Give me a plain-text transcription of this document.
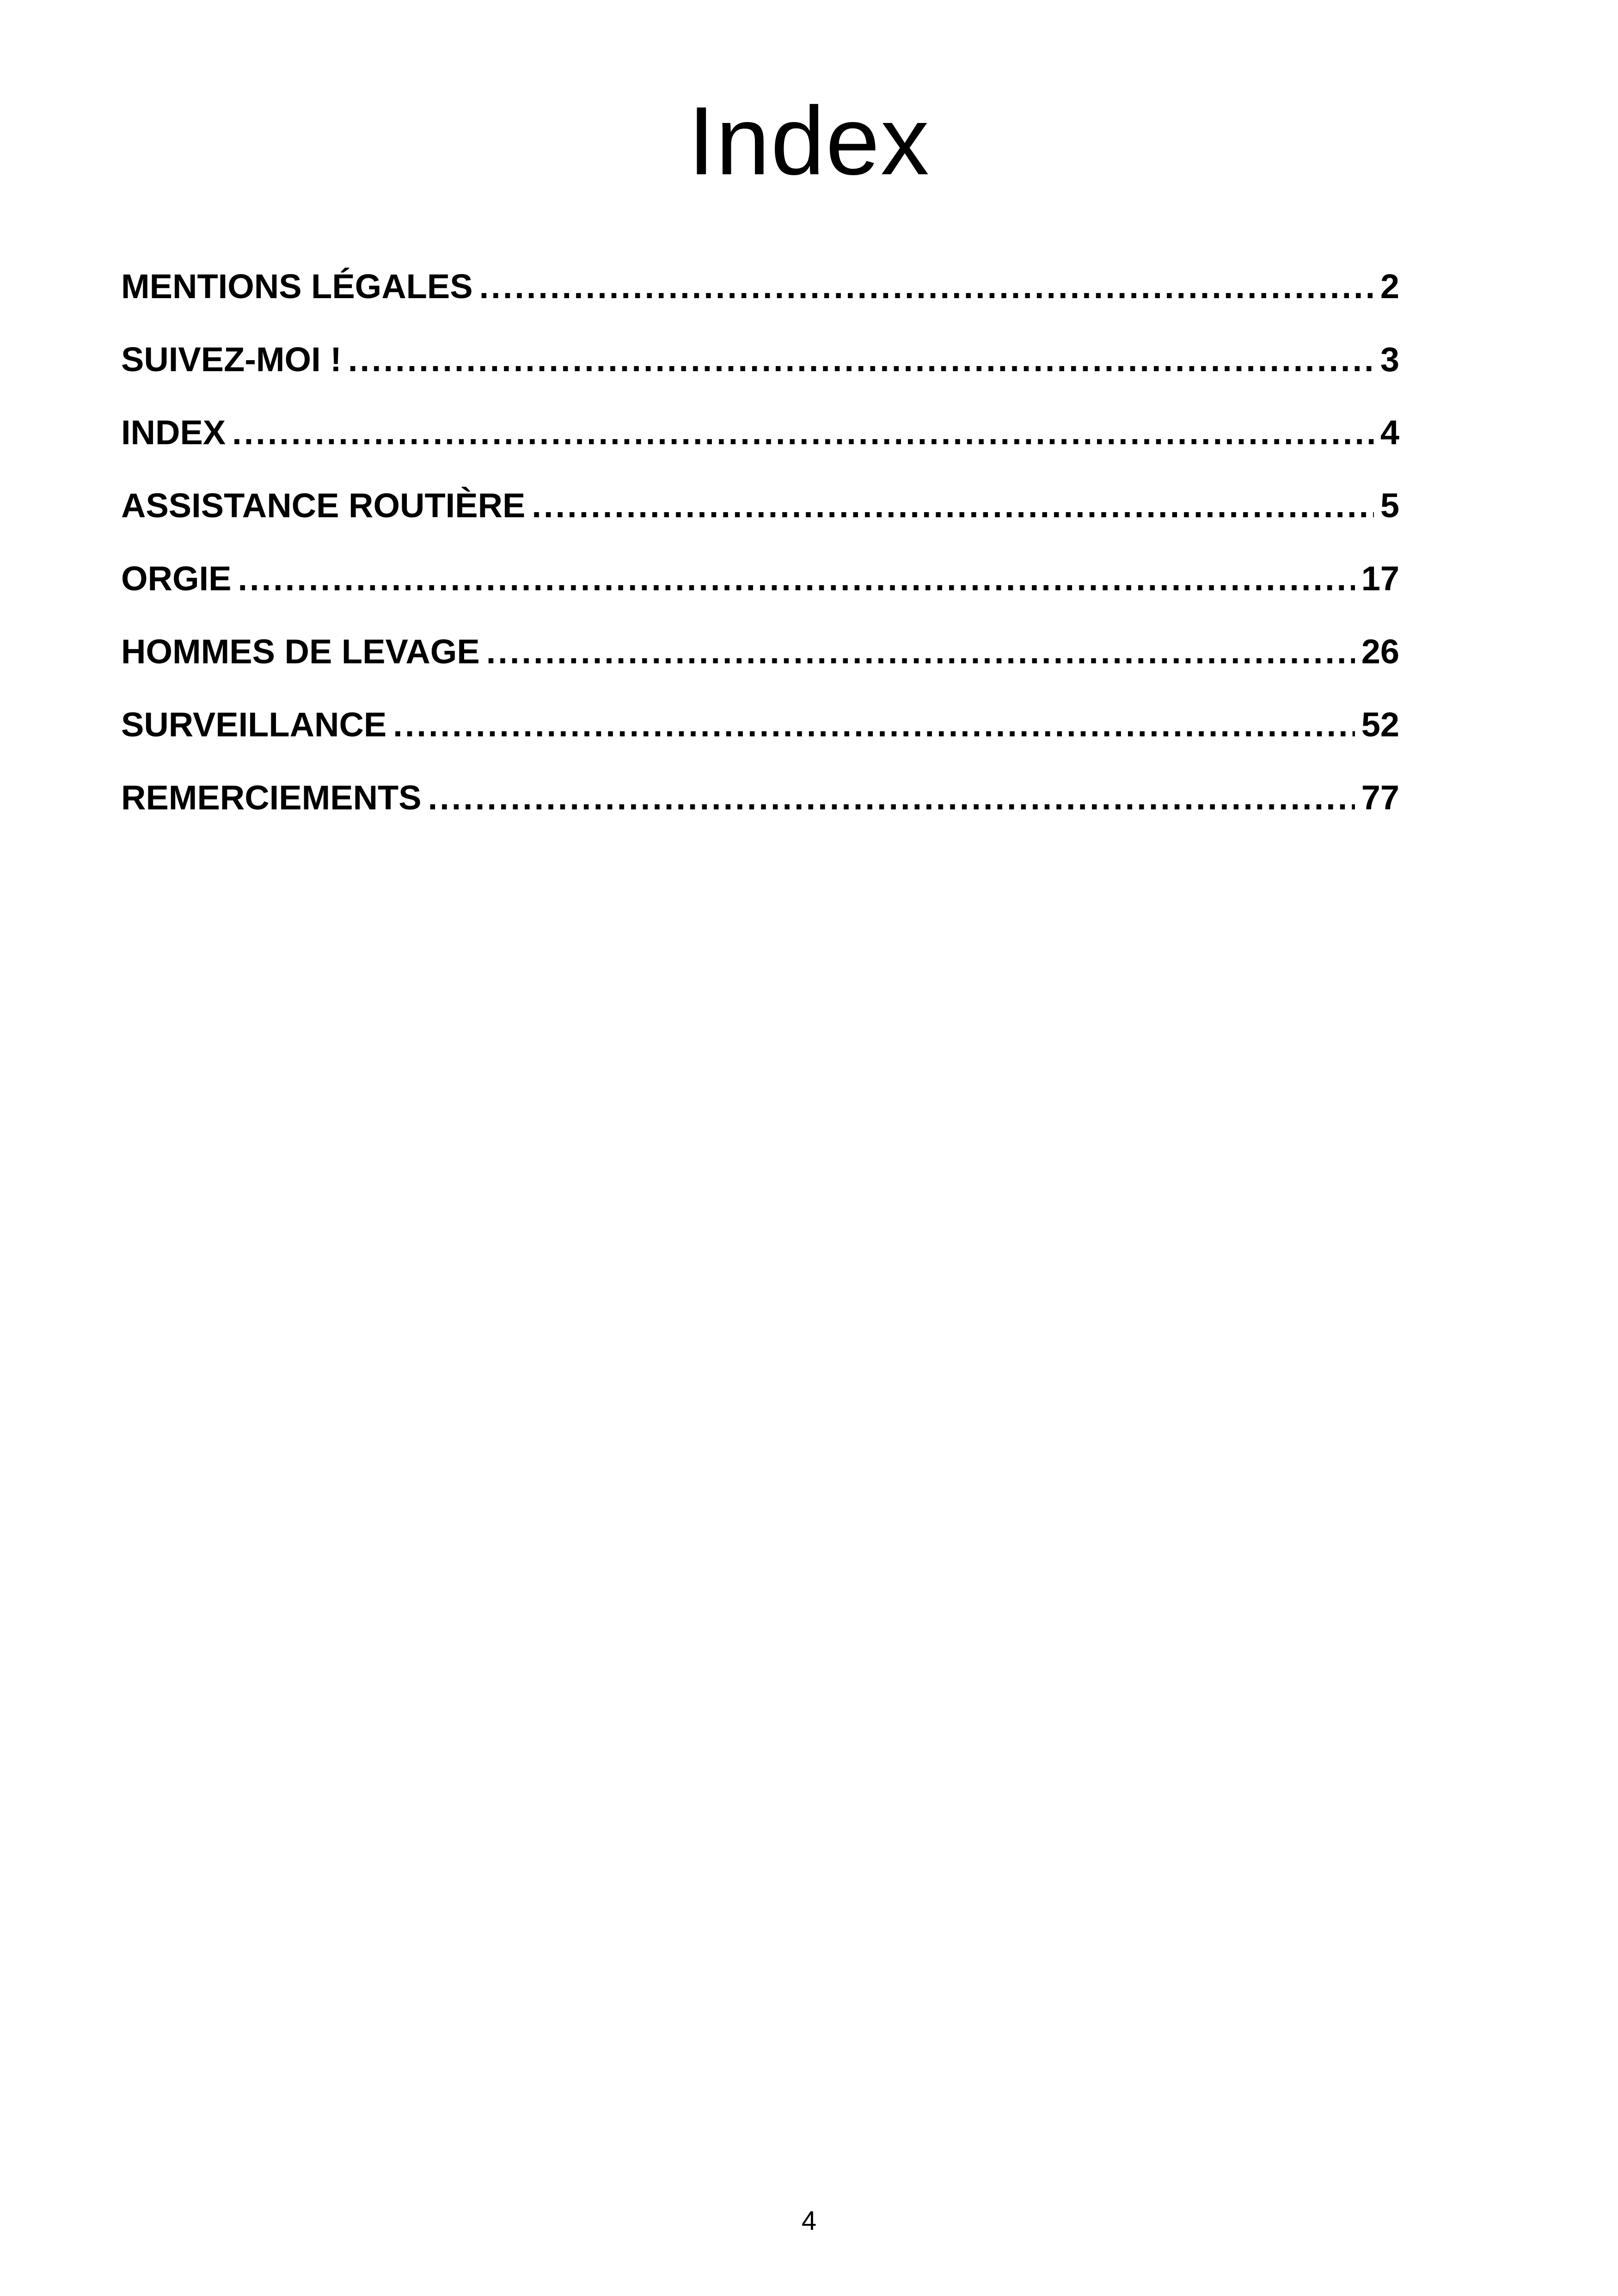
Index
MENTIONS LÉGALES .....	2
SUIVEZ-MOI ! .....	3
INDEX .....	4
ASSISTANCE ROUTIÈRE .....	5
ORGIE .....	17
HOMMES DE LEVAGE .....	26
SURVEILLANCE .....	52
REMERCIEMENTS .....	77

4
